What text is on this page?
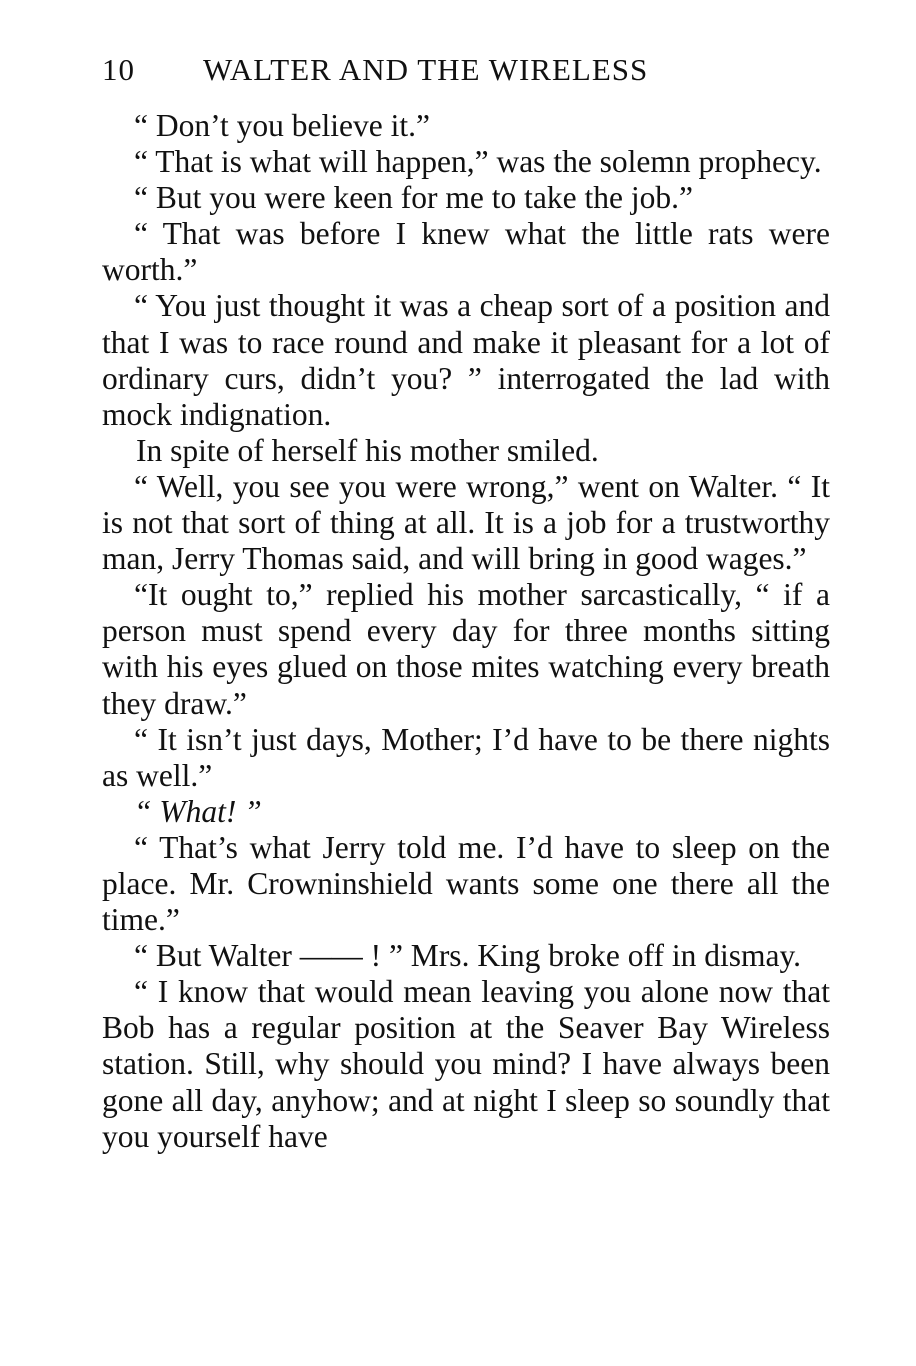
10 WALTER AND THE WIRELESS

“ Don’t you believe it.”

“ That is what will happen,” was the solemn prophecy.

“ But you were keen for me to take the job.”

“ That was before I knew what the little rats were worth.”

“ You just thought it was a cheap sort of a position and that I was to race round and make it pleasant for a lot of ordinary curs, didn’t you? ” interrogated the lad with mock indignation.

In spite of herself his mother smiled.

“ Well, you see you were wrong,” went on Walter. “ It is not that sort of thing at all. It is a job for a trustworthy man, Jerry Thomas said, and will bring in good wages.”

“It ought to,” replied his mother sarcastically, “ if a person must spend every day for three months sitting with his eyes glued on those mites watching every breath they draw.”

“ It isn’t just days, Mother; I’d have to be there nights as well.”

“ What! ”

“ That’s what Jerry told me. I’d have to sleep on the place. Mr. Crowninshield wants some one there all the time.”

“ But Walter —— ! ” Mrs. King broke off in dismay.

“ I know that would mean leaving you alone now that Bob has a regular position at the Seaver Bay Wireless station. Still, why should you mind? I have always been gone all day, anyhow; and at night I sleep so soundly that you yourself have
